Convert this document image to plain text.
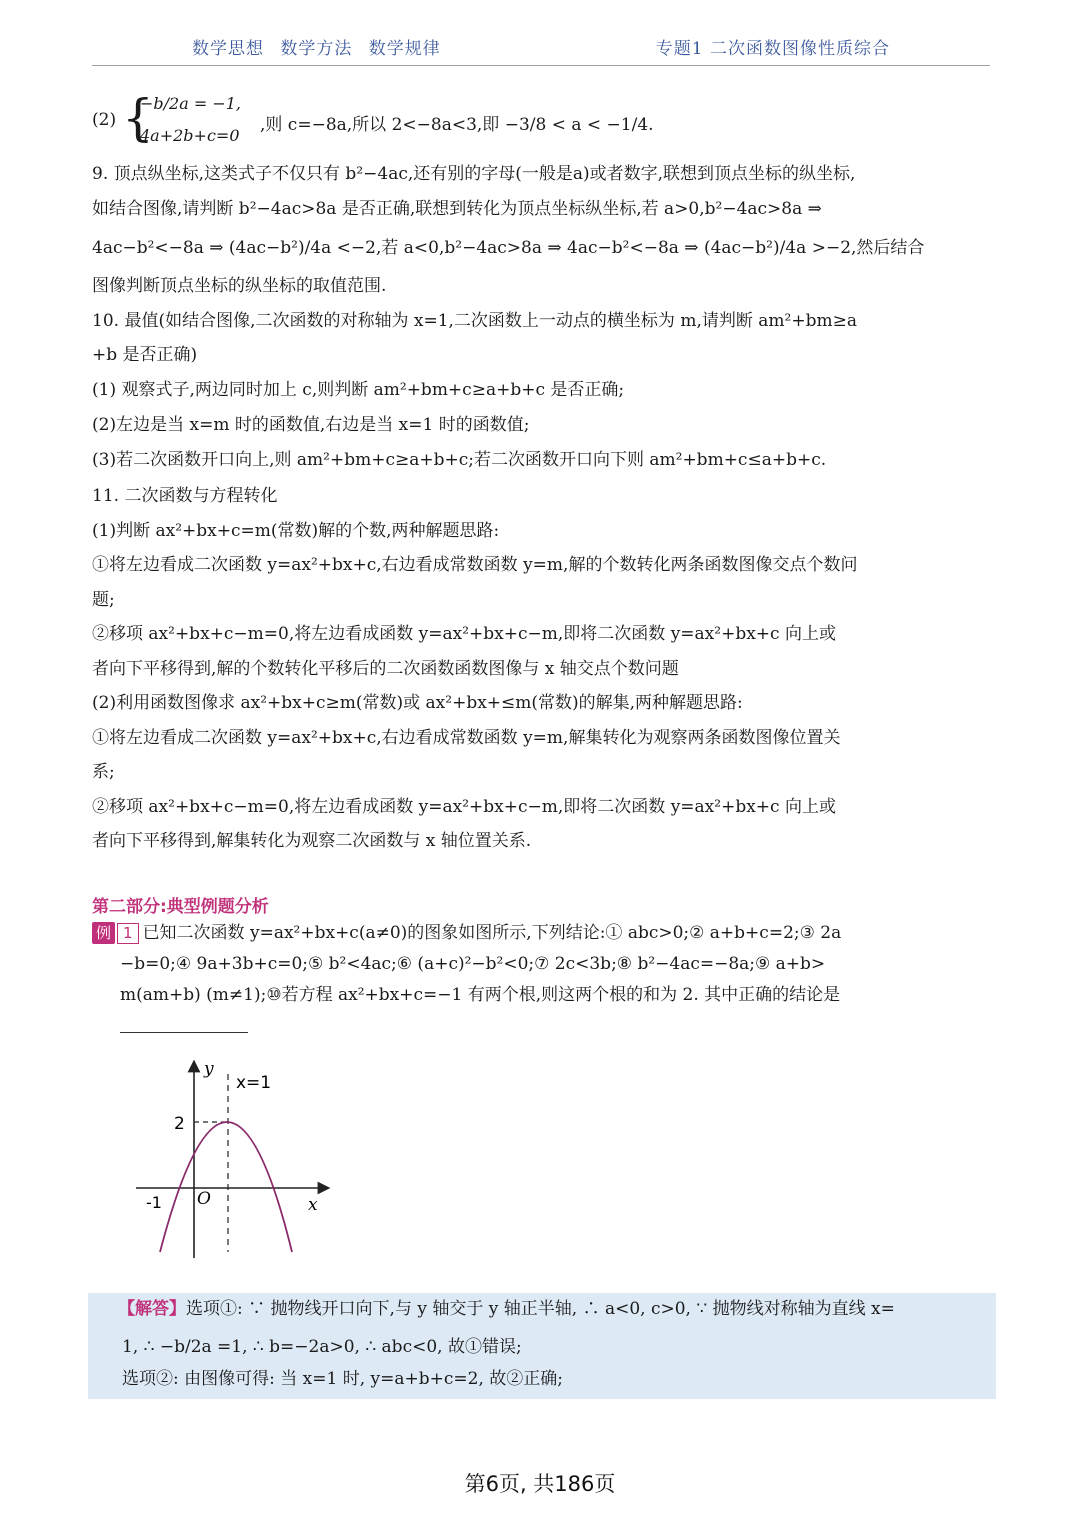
数学思想 数学方法 数学规律	专题1 二次函数图像性质综合
(2) {
−b/2a = −1,
4a+2b+c=0
,则 c=−8a,所以 2<−8a<3,即 −3/8 < a < −1/4.
9. 顶点纵坐标,这类式子不仅只有 b²−4ac,还有别的字母(一般是a)或者数字,联想到顶点坐标的纵坐标,
如结合图像,请判断 b²−4ac>8a 是否正确,联想到转化为顶点坐标纵坐标,若 a>0,b²−4ac>8a ⇒
4ac−b²<−8a ⇒ (4ac−b²)/4a <−2,若 a<0,b²−4ac>8a ⇒ 4ac−b²<−8a ⇒ (4ac−b²)/4a >−2,然后结合
图像判断顶点坐标的纵坐标的取值范围.
10. 最值(如结合图像,二次函数的对称轴为 x=1,二次函数上一动点的横坐标为 m,请判断 am²+bm≥a
+b 是否正确)
(1) 观察式子,两边同时加上 c,则判断 am²+bm+c≥a+b+c 是否正确;
(2)左边是当 x=m 时的函数值,右边是当 x=1 时的函数值;
(3)若二次函数开口向上,则 am²+bm+c≥a+b+c;若二次函数开口向下则 am²+bm+c≤a+b+c.
11. 二次函数与方程转化
(1)判断 ax²+bx+c=m(常数)解的个数,两种解题思路:
①将左边看成二次函数 y=ax²+bx+c,右边看成常数函数 y=m,解的个数转化两条函数图像交点个数问
题;
②移项 ax²+bx+c−m=0,将左边看成函数 y=ax²+bx+c−m,即将二次函数 y=ax²+bx+c 向上或
者向下平移得到,解的个数转化平移后的二次函数函数图像与 x 轴交点个数问题
(2)利用函数图像求 ax²+bx+c≥m(常数)或 ax²+bx+≤m(常数)的解集,两种解题思路:
①将左边看成二次函数 y=ax²+bx+c,右边看成常数函数 y=m,解集转化为观察两条函数图像位置关
系;
②移项 ax²+bx+c−m=0,将左边看成函数 y=ax²+bx+c−m,即将二次函数 y=ax²+bx+c 向上或
者向下平移得到,解集转化为观察二次函数与 x 轴位置关系.
第二部分:典型例题分析
例 1 已知二次函数 y=ax²+bx+c(a≠0)的图象如图所示,下列结论:① abc>0;② a+b+c=2;③ 2a
−b=0;④ 9a+3b+c=0;⑤ b²<4ac;⑥ (a+c)²−b²<0;⑦ 2c<3b;⑧ b²−4ac=−8a;⑨ a+b>
m(am+b) (m≠1);⑩若方程 ax²+bx+c=−1 有两个根,则这两个根的和为 2. 其中正确的结论是
y
x
x=1
2
-1 O
【解答】选项①: ∵ 抛物线开口向下,与 y 轴交于 y 轴正半轴, ∴ a<0, c>0, ∵ 抛物线对称轴为直线 x=
1, ∴ −b/2a =1, ∴ b=−2a>0, ∴ abc<0, 故①错误;
选项②: 由图像可得: 当 x=1 时, y=a+b+c=2, 故②正确;
第6页, 共186页
